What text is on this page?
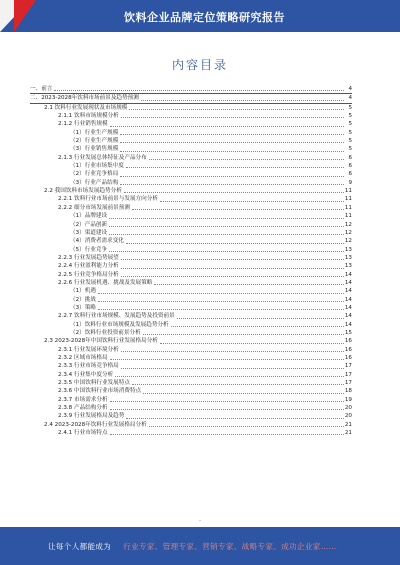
饮料企业品牌定位策略研究报告
内容目录
一、前言	4
二、2023-2028年饮料市场前景及趋势预测	4
2.1 饮料行业发展现状及市场规模	5
2.1.1 饮料市场规模分析	5
2.1.2 行业销售规模	5
（1）行业生产规模	5
（2）行业生产规模	5
（3）行业销售规模	5
2.1.3 行业发展总体特征及产品分布	6
（1）行业市场集中度	6
（2）行业竞争格局	6
（3）行业产品结构	9
2.2 我国饮料市场发展趋势分析	11
2.2.1 饮料行业市场前景与发展方向分析	11
2.2.2 细分市场发展前景预测	11
（1）品牌建设	11
（2）产品创新	12
（3）渠道建设	12
（4）消费者需求变化	12
（5）行业竞争	13
2.2.3 行业发展趋势展望	13
2.2.4 行业盈利能力分析	13
2.2.5 行业竞争格局分析	14
2.2.6 行业发展机遇、挑战及发展策略	14
（1）机遇	14
（2）挑战	14
（3）策略	14
2.2.7 饮料行业市场规模、发展趋势及投资前景	14
（1）饮料行业市场规模及发展趋势分析	14
（2）饮料行业投资前景分析	15
2.3 2023-2028年中国饮料行业发展格局分析	16
2.3.1 行业发展环境分析	16
2.3.2 区域市场格局	16
2.3.3 行业市场竞争格局	17
2.3.4 行业集中度分析	17
2.3.5 中国饮料行业发展特点	17
2.3.6 中国饮料行业市场消费特点	18
2.3.7 市场需求分析	19
2.3.8 产品结构分析	20
2.3.9 行业发展格局及趋势	20
2.4 2023-2028年饮料行业发展格局分析	21
2.4.1 行业市场特点	21
-
让每个人都能成为 行业专家、管理专家、营销专家、战略专家、成功企业家……
